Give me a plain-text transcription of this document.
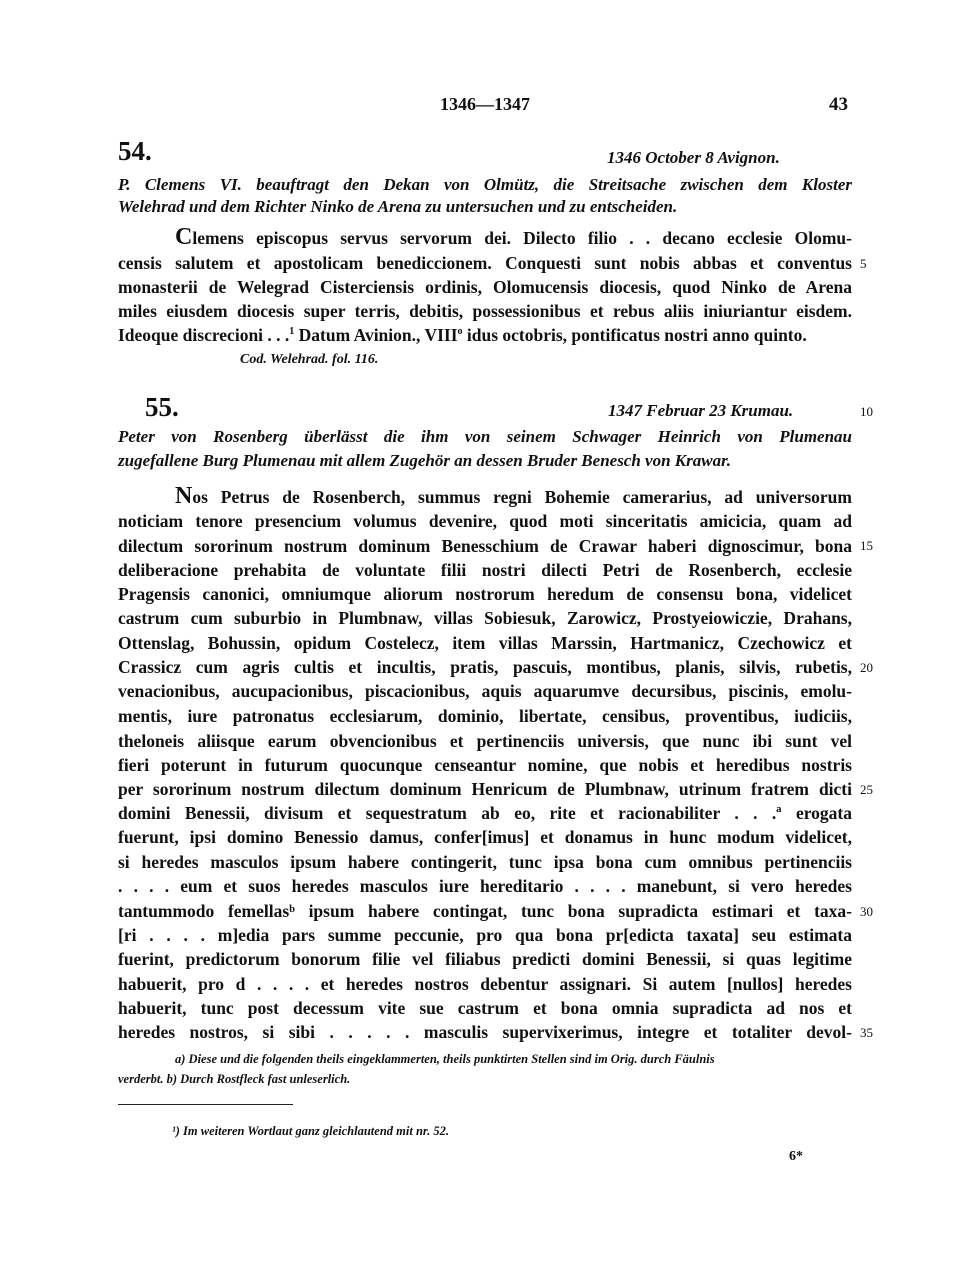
1346—1347	43
54.	1346 October 8 Avignon.
P. Clemens VI. beauftragt den Dekan von Olmütz, die Streitsache zwischen dem Kloster
Welehrad und dem Richter Ninko de Arena zu untersuchen und zu entscheiden.
Clemens episcopus servus servorum dei. Dilecto filio . . decano ecclesie Olomu-
censis salutem et apostolicam benediccionem. Conquesti sunt nobis abbas et conventus 5
monasterii de Welegrad Cisterciensis ordinis, Olomucensis diocesis, quod Ninko de Arena
miles eiusdem diocesis super terris, debitis, possessionibus et rebus aliis iniuriantur eisdem.
Ideoque discrecioni . . .$^1$ Datum Avinion., VIII$^o$ idus octobris, pontificatus nostri anno quinto.
Cod. Welehrad. fol. 116.
55.	1347 Februar 23 Krumau.	10
Peter von Rosenberg überlässt die ihm von seinem Schwager Heinrich von Plumenau
zugefallene Burg Plumenau mit allem Zugehör an dessen Bruder Benesch von Krawar.
Nos Petrus de Rosenberch, summus regni Bohemie camerarius, ad universorum
noticiam tenore presencium volumus devenire, quod moti sinceritatis amicicia, quam ad
dilectum sororinum nostrum dominum Benesschium de Crawar haberi dignoscimur, bona 15
deliberacione prehabita de voluntate filii nostri dilecti Petri de Rosenberch, ecclesie
Pragensis canonici, omniumque aliorum nostrorum heredum de consensu bona, videlicet
castrum cum suburbio in Plumbnaw, villas Sobiesuk, Zarowicz, Prostyeiowiczie, Drahans,
Ottenslag, Bohussin, opidum Costelecz, item villas Marssin, Hartmanicz, Czechowicz et
Crassicz cum agris cultis et incultis, pratis, pascuis, montibus, planis, silvis, rubetis, 20
venacionibus, aucupacionibus, piscacionibus, aquis aquarumve decursibus, piscinis, emolu-
mentis, iure patronatus ecclesiarum, dominio, libertate, censibus, proventibus, iudiciis,
theloneis aliisque earum obvencionibus et pertinenciis universis, que nunc ibi sunt vel
fieri poterunt in futurum quocunque censeantur nomine, que nobis et heredibus nostris
per sororinum nostrum dilectum dominum Henricum de Plumbnaw, utrinum fratrem dicti 25
domini Benessii, divisum et sequestratum ab eo, rite et racionabiliter . . .ª erogata
fuerunt, ipsi domino Benessio damus, confer[imus] et donamus in hunc modum videlicet,
si heredes masculos ipsum habere contingerit, tunc ipsa bona cum omnibus pertinenciis
. . . . eum et suos heredes masculos iure hereditario . . . . manebunt, si vero heredes
tantummodo femellasᵇ ipsum habere contingat, tunc bona supradicta estimari et taxa- 30
[ri . . . . m]edia pars summe peccunie, pro qua bona pr[edicta taxata] seu estimata
fuerint, predictorum bonorum filie vel filiabus predicti domini Benessii, si quas legitime
habuerit, pro d . . . . et heredes nostros debentur assignari. Si autem [nullos] heredes
habuerit, tunc post decessum vite sue castrum et bona omnia supradicta ad nos et
heredes nostros, si sibi . . . . . masculis supervixerimus, integre et totaliter devol- 35
a) Diese und die folgenden theils eingeklammerten, theils punktirten Stellen sind im Orig. durch Fäulnis
verderbt. b) Durch Rostfleck fast unleserlich.
¹) Im weiteren Wortlaut ganz gleichlautend mit nr. 52.
6*
